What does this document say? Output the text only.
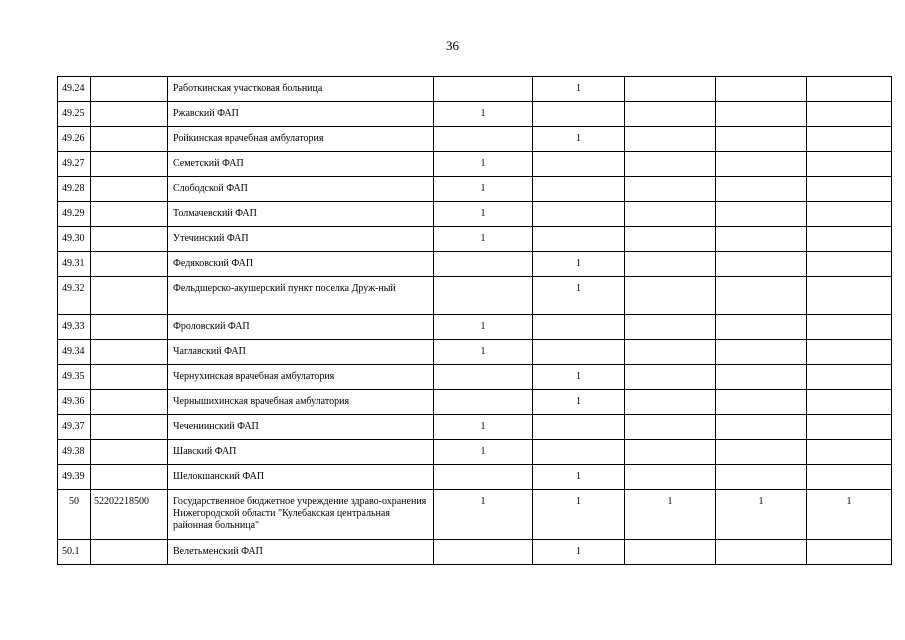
36
49.24		Работкинская участковая больница		1			
49.25		Ржавский ФАП	1				
49.26		Ройкинская врачебная амбулатория		1			
49.27		Семетский ФАП	1				
49.28		Слободской ФАП	1				
49.29		Толмачевский ФАП	1				
49.30		Утечинский ФАП	1				
49.31		Федяковский ФАП		1			
49.32		Фельдшерско-акушерский пункт поселка Друж-ный		1			
49.33		Фроловский ФАП	1				
49.34		Чаглавский ФАП	1				
49.35		Чернухинская врачебная амбулатория		1			
49.36		Чернышихинская врачебная амбулатория		1			
49.37		Чечениинский ФАП	1				
49.38		Шавский ФАП	1				
49.39		Шелокшанский ФАП		1			
50	52202218500	Государственное бюджетное учреждение здраво-охранения Нижегородской области "Кулебакская центральная районная больница"	1	1	1	1	1
50.1		Велетьменский ФАП		1			
